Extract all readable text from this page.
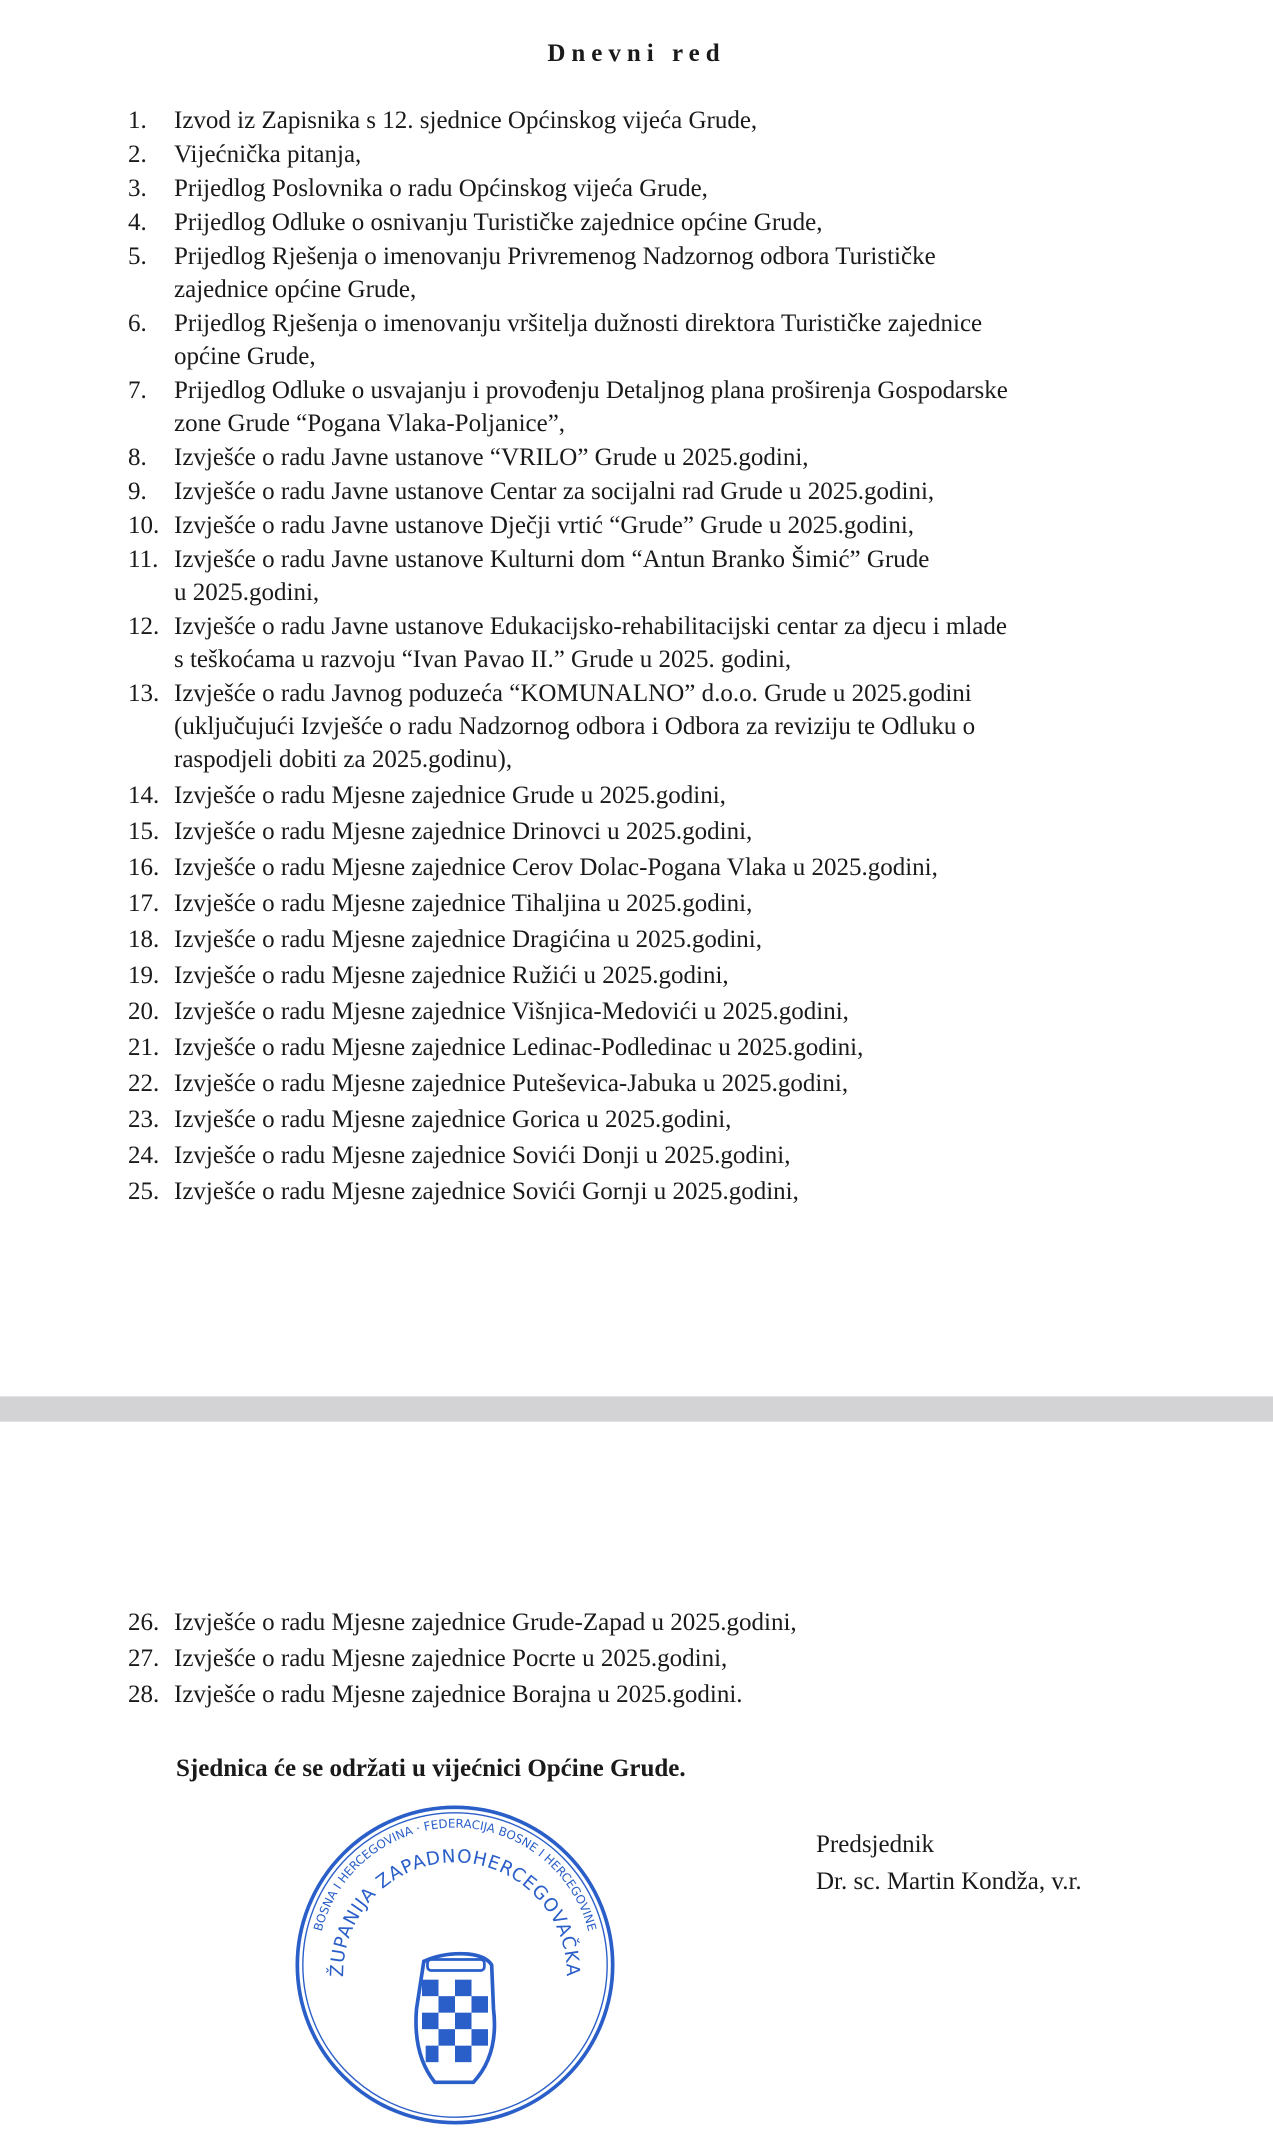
Dnevni red
1. Izvod iz Zapisnika s 12. sjednice Općinskog vijeća Grude,
2. Vijećnička pitanja,
3. Prijedlog Poslovnika o radu Općinskog vijeća Grude,
4. Prijedlog Odluke o osnivanju Turističke zajednice općine Grude,
5. Prijedlog Rješenja o imenovanju Privremenog Nadzornog odbora Turističke
zajednice općine Grude,
6. Prijedlog Rješenja o imenovanju vršitelja dužnosti direktora Turističke zajednice
općine Grude,
7. Prijedlog Odluke o usvajanju i provođenju Detaljnog plana proširenja Gospodarske
zone Grude “Pogana Vlaka-Poljanice”,
8. Izvješće o radu Javne ustanove “VRILO” Grude u 2025.godini,
9. Izvješće o radu Javne ustanove Centar za socijalni rad Grude u 2025.godini,
10. Izvješće o radu Javne ustanove Dječji vrtić “Grude” Grude u 2025.godini,
11. Izvješće o radu Javne ustanove Kulturni dom “Antun Branko Šimić” Grude
u 2025.godini,
12. Izvješće o radu Javne ustanove Edukacijsko-rehabilitacijski centar za djecu i mlade
s teškoćama u razvoju “Ivan Pavao II.” Grude u 2025. godini,
13. Izvješće o radu Javnog poduzeća “KOMUNALNO” d.o.o. Grude u 2025.godini
(uključujući Izvješće o radu Nadzornog odbora i Odbora za reviziju te Odluku o
raspodjeli dobiti za 2025.godinu),
14. Izvješće o radu Mjesne zajednice Grude u 2025.godini,
15. Izvješće o radu Mjesne zajednice Drinovci u 2025.godini,
16. Izvješće o radu Mjesne zajednice Cerov Dolac-Pogana Vlaka u 2025.godini,
17. Izvješće o radu Mjesne zajednice Tihaljina u 2025.godini,
18. Izvješće o radu Mjesne zajednice Dragićina u 2025.godini,
19. Izvješće o radu Mjesne zajednice Ružići u 2025.godini,
20. Izvješće o radu Mjesne zajednice Višnjica-Medovići u 2025.godini,
21. Izvješće o radu Mjesne zajednice Ledinac-Podledinac u 2025.godini,
22. Izvješće o radu Mjesne zajednice Puteševica-Jabuka u 2025.godini,
23. Izvješće o radu Mjesne zajednice Gorica u 2025.godini,
24. Izvješće o radu Mjesne zajednice Sovići Donji u 2025.godini,
25. Izvješće o radu Mjesne zajednice Sovići Gornji u 2025.godini,
26. Izvješće o radu Mjesne zajednice Grude-Zapad u 2025.godini,
27. Izvješće o radu Mjesne zajednice Pocrte u 2025.godini,
28. Izvješće o radu Mjesne zajednice Borajna u 2025.godini.
BOSNA I HERCEGOVINA · FEDERACIJA BOSNE I HERCEGOVINE
ŽUPANIJA ZAPADNOHERCEGOVAČKA
Sjednica će se održati u vijećnici Općine Grude.
Predsjednik
Dr. sc. Martin Kondža, v.r.
